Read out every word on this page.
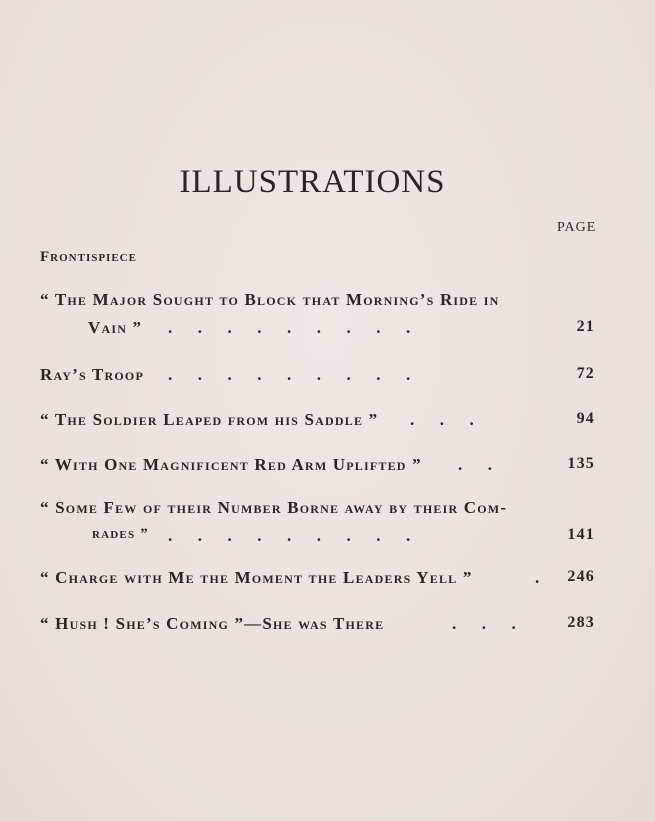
ILLUSTRATIONS
PAGE
Frontispiece
“ The Major Sought to Block that Morning’s Ride in
Vain ” .  .  .  .  .  .  .  .  .  	21
Ray’s Troop .  .  .  .  .  .  .  .  .  	72
“ The Soldier Leaped from his Saddle ” .  .  .  	94
“ With One Magnificent Red Arm Uplifted ” .  .  	135
“ Some Few of their Number Borne away by their Com-
rades ” .  .  .  .  .  .  .  .  .  	141
“ Charge with Me the Moment the Leaders Yell ”	. 246
“ Hush ! She’s Coming ”—She was There	.  .  .	283
